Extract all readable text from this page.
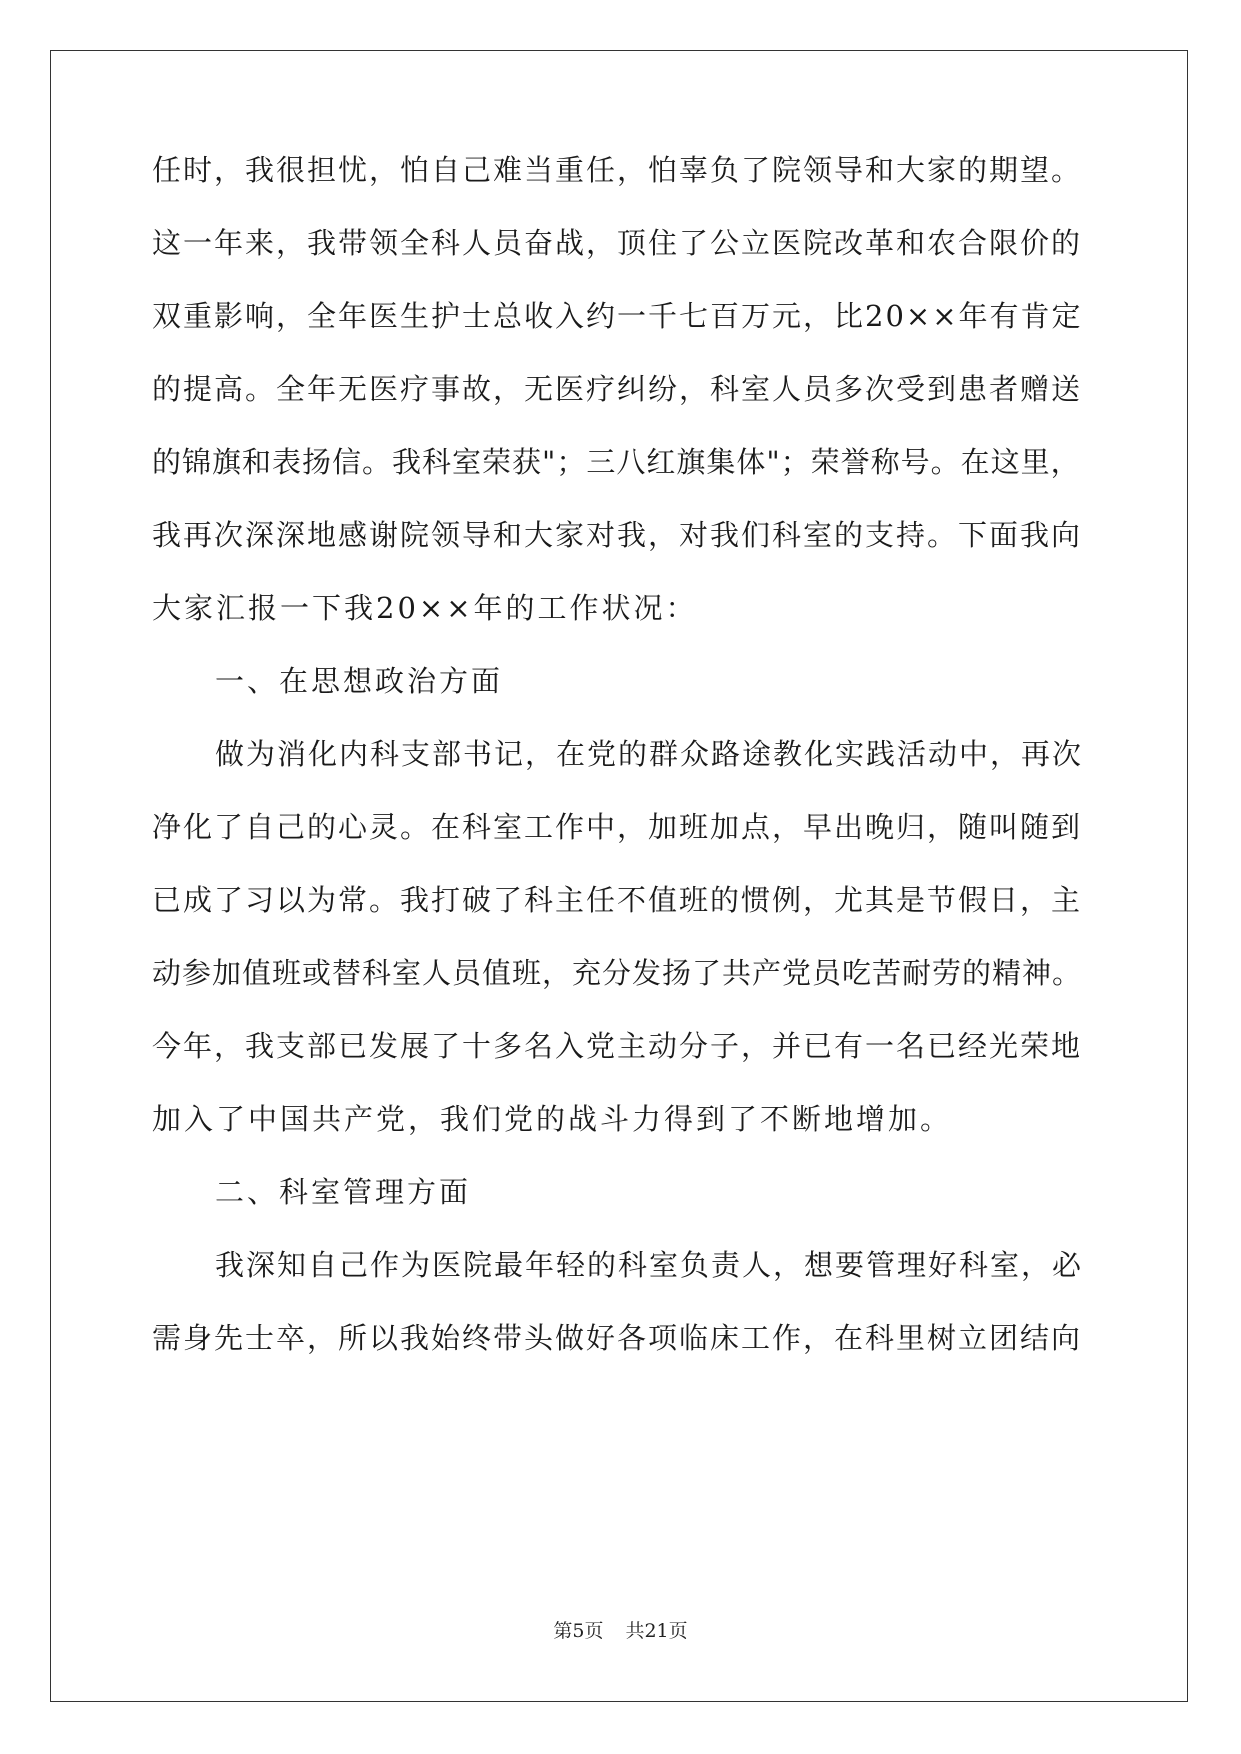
任时，我很担忧，怕自己难当重任，怕辜负了院领导和大家的期望。
这一年来，我带领全科人员奋战，顶住了公立医院改革和农合限价的
双重影响，全年医生护士总收入约一千七百万元，比20××年有肯定
的提高。全年无医疗事故，无医疗纠纷，科室人员多次受到患者赠送
的锦旗和表扬信。我科室荣获"；三八红旗集体"；荣誉称号。在这里，
我再次深深地感谢院领导和大家对我，对我们科室的支持。下面我向
大家汇报一下我20××年的工作状况：
一、在思想政治方面
做为消化内科支部书记，在党的群众路途教化实践活动中，再次
净化了自己的心灵。在科室工作中，加班加点，早出晚归，随叫随到
已成了习以为常。我打破了科主任不值班的惯例，尤其是节假日，主
动参加值班或替科室人员值班，充分发扬了共产党员吃苦耐劳的精神。
今年，我支部已发展了十多名入党主动分子，并已有一名已经光荣地
加入了中国共产党，我们党的战斗力得到了不断地增加。
二、科室管理方面
我深知自己作为医院最年轻的科室负责人，想要管理好科室，必
需身先士卒，所以我始终带头做好各项临床工作，在科里树立团结向
第5页 共21页
